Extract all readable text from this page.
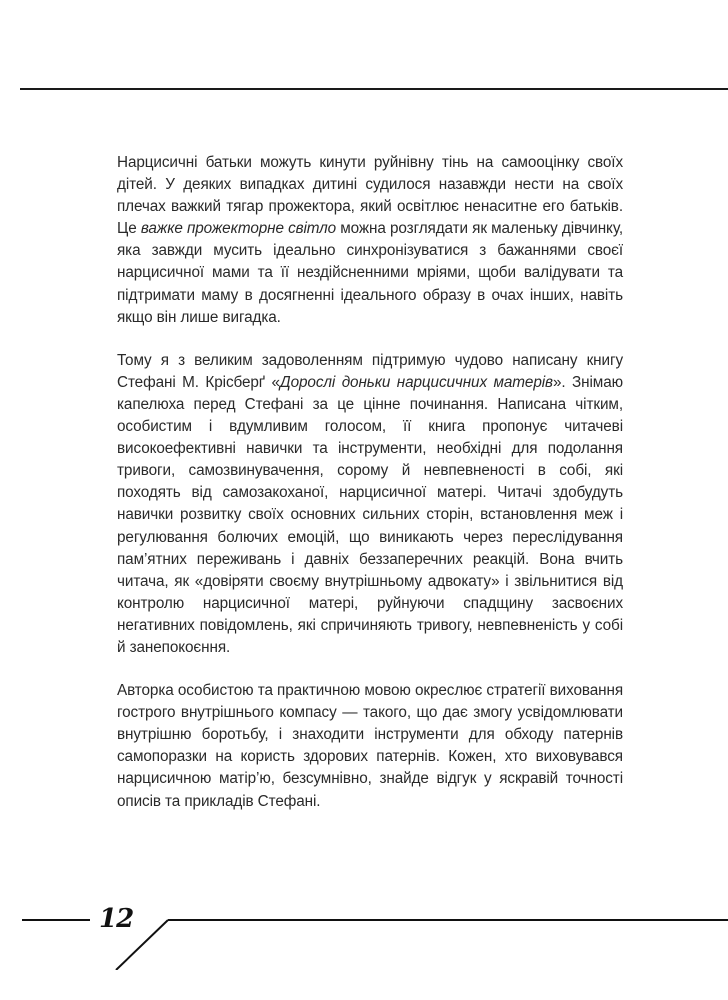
Нарцисичні батьки можуть кинути руйнівну тінь на самооцінку своїх дітей. У деяких випадках дитині судилося назавжди нести на своїх плечах важкий тягар прожектора, який освітлює ненаситне его батьків. Це важке прожекторне світло можна розглядати як маленьку дівчинку, яка завжди мусить ідеально синхронізуватися з бажаннями своєї нарцисичної мами та її нездійсненними мріями, щоби валідувати та підтримати маму в досягненні ідеального образу в очах інших, навіть якщо він лише вигадка.

Тому я з великим задоволенням підтримую чудово написану книгу Стефані М. Крісберґ «Дорослі доньки нарцисичних матерів». Знімаю капелюха перед Стефані за це цінне починання. Написана чітким, особистим і вдумливим голосом, її книга пропонує читачеві високоефективні навички та інструменти, необхідні для подолання тривоги, самозвинувачення, сорому й невпевненості в собі, які походять від самозакоханої, нарцисичної матері. Читачі здобудуть навички розвитку своїх основних сильних сторін, встановлення меж і регулювання болючих емоцій, що виникають через переслідування пам’ятних переживань і давніх беззаперечних реакцій. Вона вчить читача, як «довіряти своєму внутрішньому адвокату» і звільнитися від контролю нарцисичної матері, руйнуючи спадщину засвоєних негативних повідомлень, які спричиняють тривогу, невпевненість у собі й занепокоєння.

Авторка особистою та практичною мовою окреслює стратегії виховання гострого внутрішнього компасу — такого, що дає змогу усвідомлювати внутрішню боротьбу, і знаходити інструменти для обходу патернів самопоразки на користь здорових патернів. Кожен, хто виховувався нарцисичною матір’ю, безсумнівно, знайде відгук у яскравій точності описів та прикладів Стефані.

12
